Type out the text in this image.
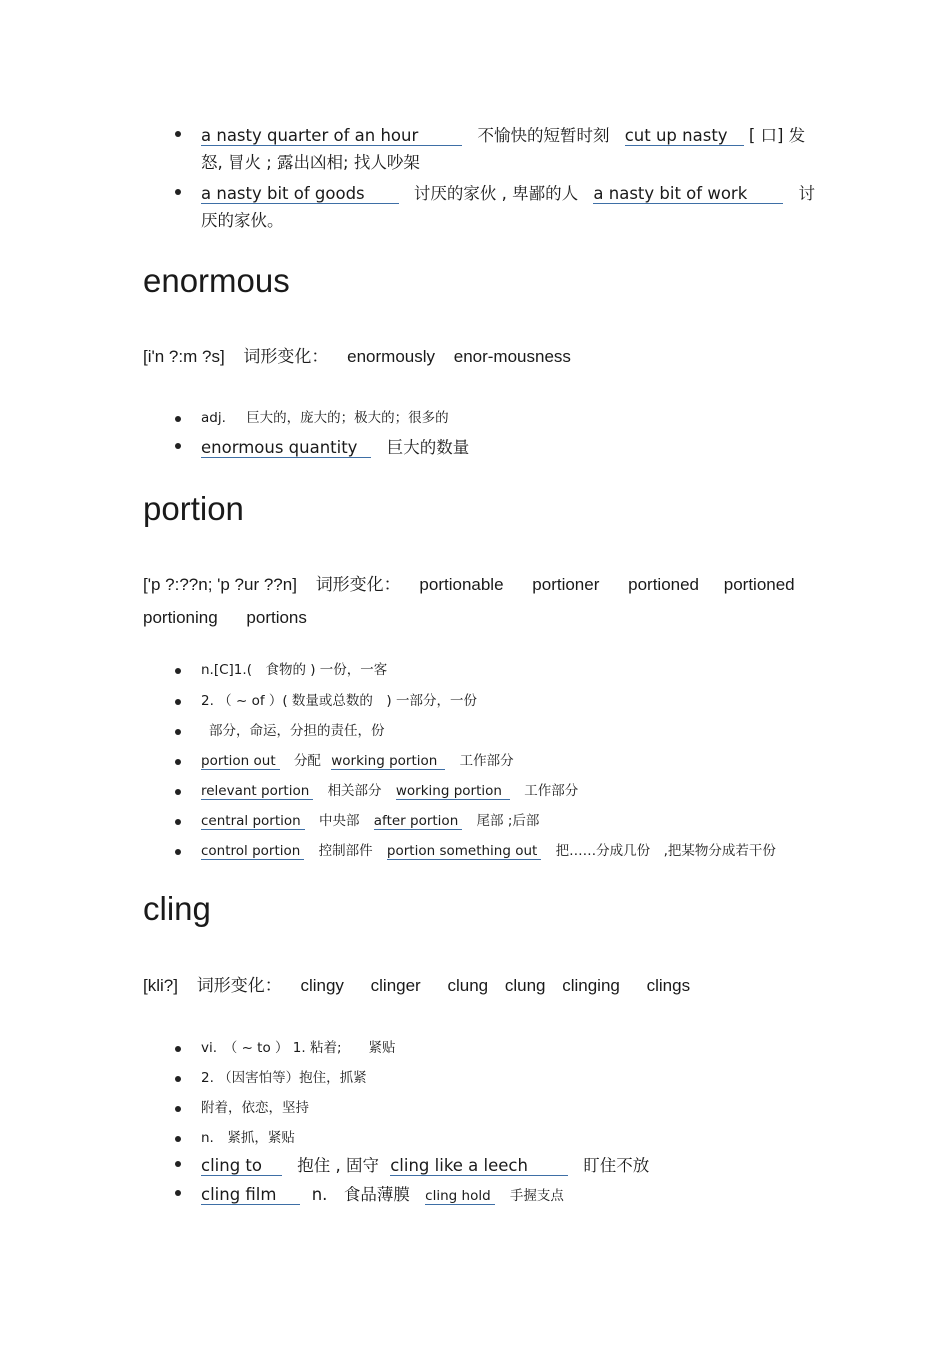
a nasty quarter of an hour	不愉快的短暂时刻 cut up nasty [ 口] 发
怒, 冒火 ; 露出凶相; 找人吵架
a nasty bit of goods	讨厌的家伙 , 卑鄙的人 a nasty bit of work	讨
厌的家伙。
enormous
[i'n ?:m ?s] 词形变化： enormously enor-mousness
adj. 巨大的，庞大的；极大的；很多的
enormous quantity 巨大的数量
portion
['p ?:??n; 'p ?ur ??n] 词形变化： portionable portioner portioned portioned
portioning portions
n.[C]1.(　食物的 ) 一份，一客
2. （ ~ of ）( 数量或总数的　) 一部分，一份
部分，命运，分担的责任，份
portion out 分配 working portion 工作部分
relevant portion 相关部分 working portion 工作部分
central portion 中央部 after portion 尾部 ;后部
control portion 控制部件 portion something out 把……分成几份　,把某物分成若干份
cling
[kli?] 词形变化： clingy clinger clung clung clinging clings
vi.　（ ~ to ） 1. 粘着;　　紧贴
2. （因害怕等）抱住，抓紧
附着，依恋，坚持
n.　紧抓，紧贴
cling to 抱住 , 固守 cling like a leech	盯住不放
cling film n.　食品薄膜 cling hold 手握支点
